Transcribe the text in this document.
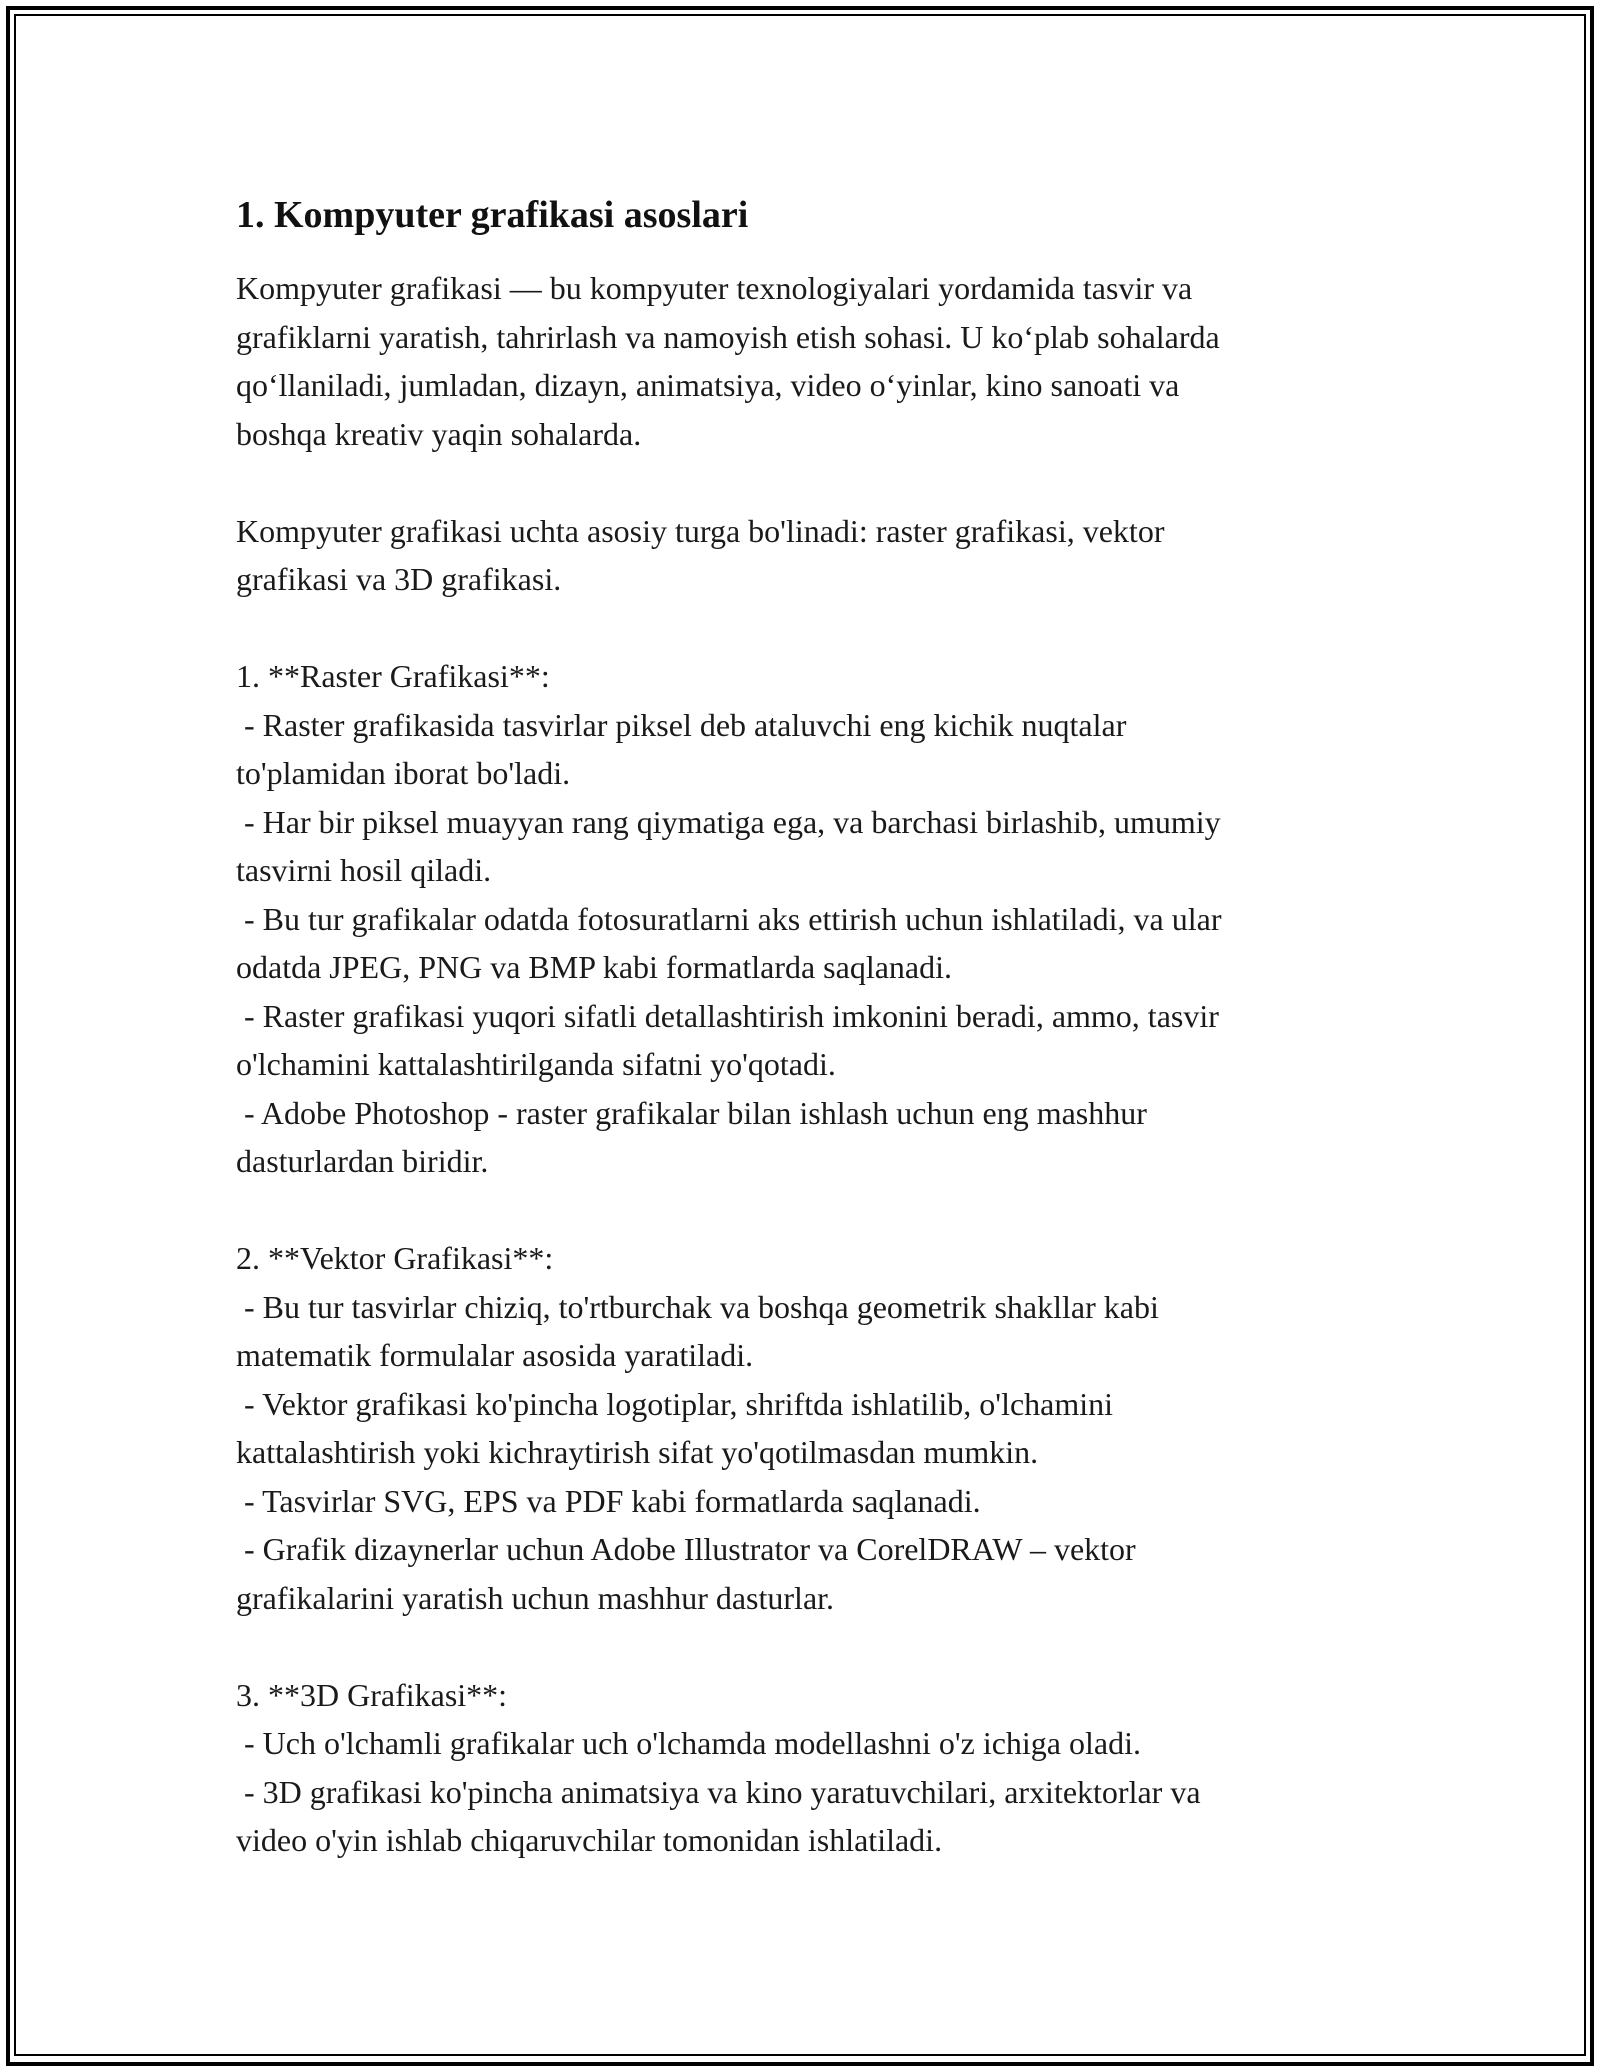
1. Kompyuter grafikasi asoslari
Kompyuter grafikasi — bu kompyuter texnologiyalari yordamida tasvir va
grafiklarni yaratish, tahrirlash va namoyish etish sohasi. U koʻplab sohalarda
qoʻllaniladi, jumladan, dizayn, animatsiya, video oʻyinlar, kino sanoati va
boshqa kreativ yaqin sohalarda.
Kompyuter grafikasi uchta asosiy turga bo'linadi: raster grafikasi, vektor
grafikasi va 3D grafikasi.
1. **Raster Grafikasi**:
- Raster grafikasida tasvirlar piksel deb ataluvchi eng kichik nuqtalar
to'plamidan iborat bo'ladi.
- Har bir piksel muayyan rang qiymatiga ega, va barchasi birlashib, umumiy
tasvirni hosil qiladi.
- Bu tur grafikalar odatda fotosuratlarni aks ettirish uchun ishlatiladi, va ular
odatda JPEG, PNG va BMP kabi formatlarda saqlanadi.
- Raster grafikasi yuqori sifatli detallashtirish imkonini beradi, ammo, tasvir
o'lchamini kattalashtirilganda sifatni yo'qotadi.
- Adobe Photoshop - raster grafikalar bilan ishlash uchun eng mashhur
dasturlardan biridir.
2. **Vektor Grafikasi**:
- Bu tur tasvirlar chiziq, to'rtburchak va boshqa geometrik shakllar kabi
matematik formulalar asosida yaratiladi.
- Vektor grafikasi ko'pincha logotiplar, shriftda ishlatilib, o'lchamini
kattalashtirish yoki kichraytirish sifat yo'qotilmasdan mumkin.
- Tasvirlar SVG, EPS va PDF kabi formatlarda saqlanadi.
- Grafik dizaynerlar uchun Adobe Illustrator va CorelDRAW – vektor
grafikalarini yaratish uchun mashhur dasturlar.
3. **3D Grafikasi**:
- Uch o'lchamli grafikalar uch o'lchamda modellashni o'z ichiga oladi.
- 3D grafikasi ko'pincha animatsiya va kino yaratuvchilari, arxitektorlar va
video o'yin ishlab chiqaruvchilar tomonidan ishlatiladi.
